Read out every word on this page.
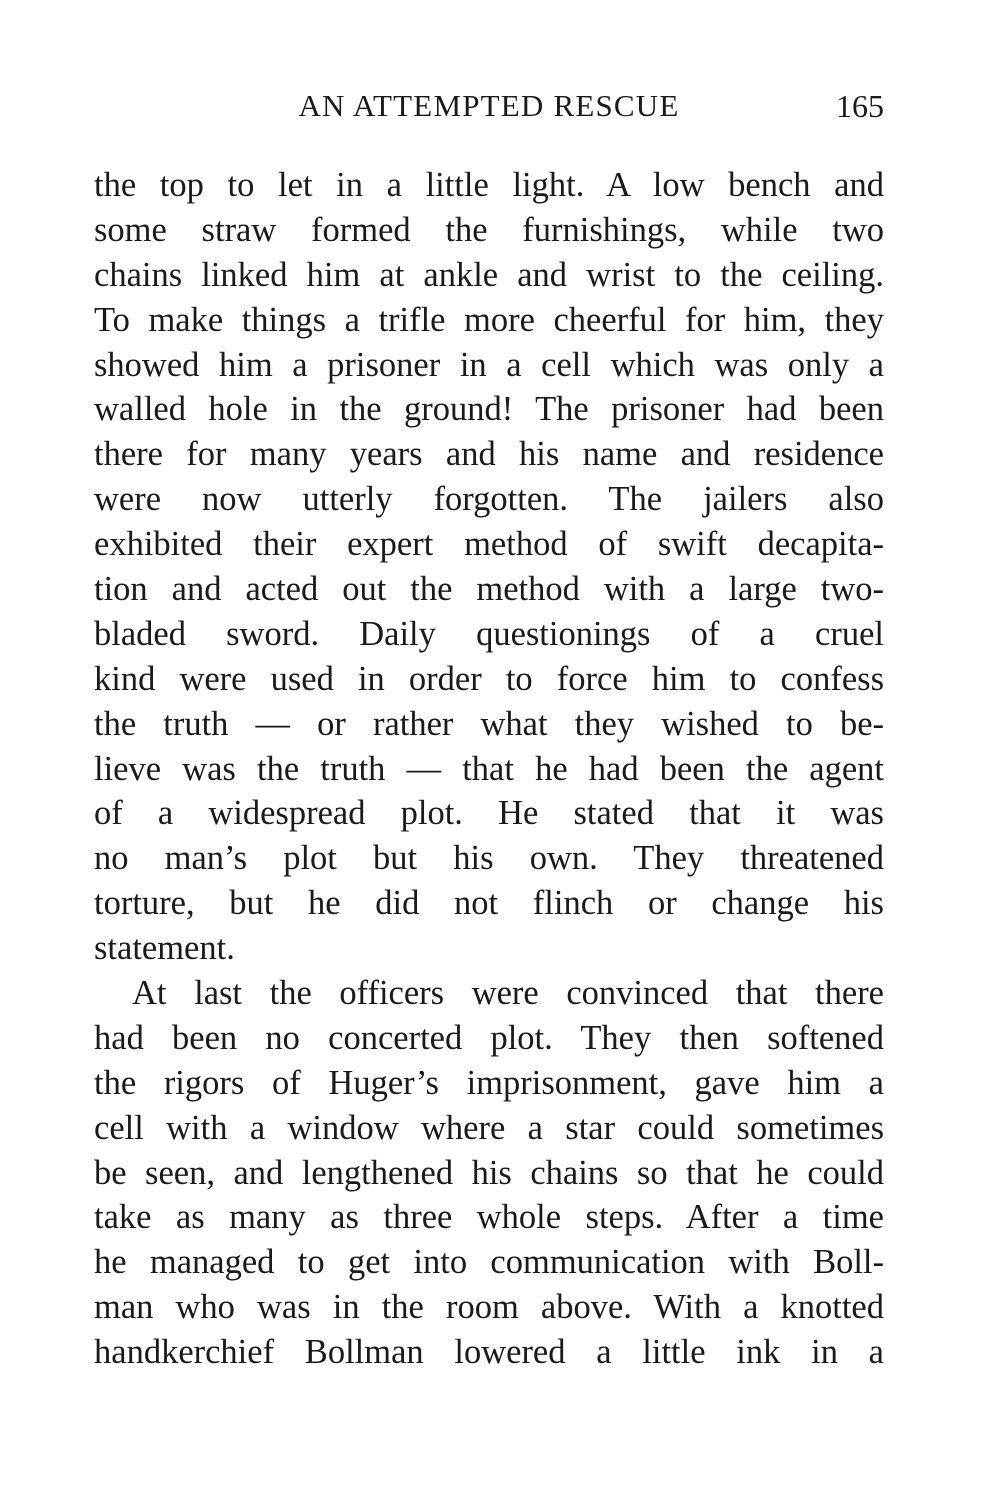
AN ATTEMPTED RESCUE	165
the top to let in a little light. A low bench and
some straw formed the furnishings, while two
chains linked him at ankle and wrist to the ceiling.
To make things a trifle more cheerful for him, they
showed him a prisoner in a cell which was only a
walled hole in the ground! The prisoner had been
there for many years and his name and residence
were now utterly forgotten. The jailers also
exhibited their expert method of swift decapita-
tion and acted out the method with a large two-
bladed sword. Daily questionings of a cruel
kind were used in order to force him to confess
the truth — or rather what they wished to be-
lieve was the truth — that he had been the agent
of a widespread plot. He stated that it was
no man’s plot but his own. They threatened
torture, but he did not flinch or change his
statement.
At last the officers were convinced that there
had been no concerted plot. They then softened
the rigors of Huger’s imprisonment, gave him a
cell with a window where a star could sometimes
be seen, and lengthened his chains so that he could
take as many as three whole steps. After a time
he managed to get into communication with Boll-
man who was in the room above. With a knotted
handkerchief Bollman lowered a little ink in a
